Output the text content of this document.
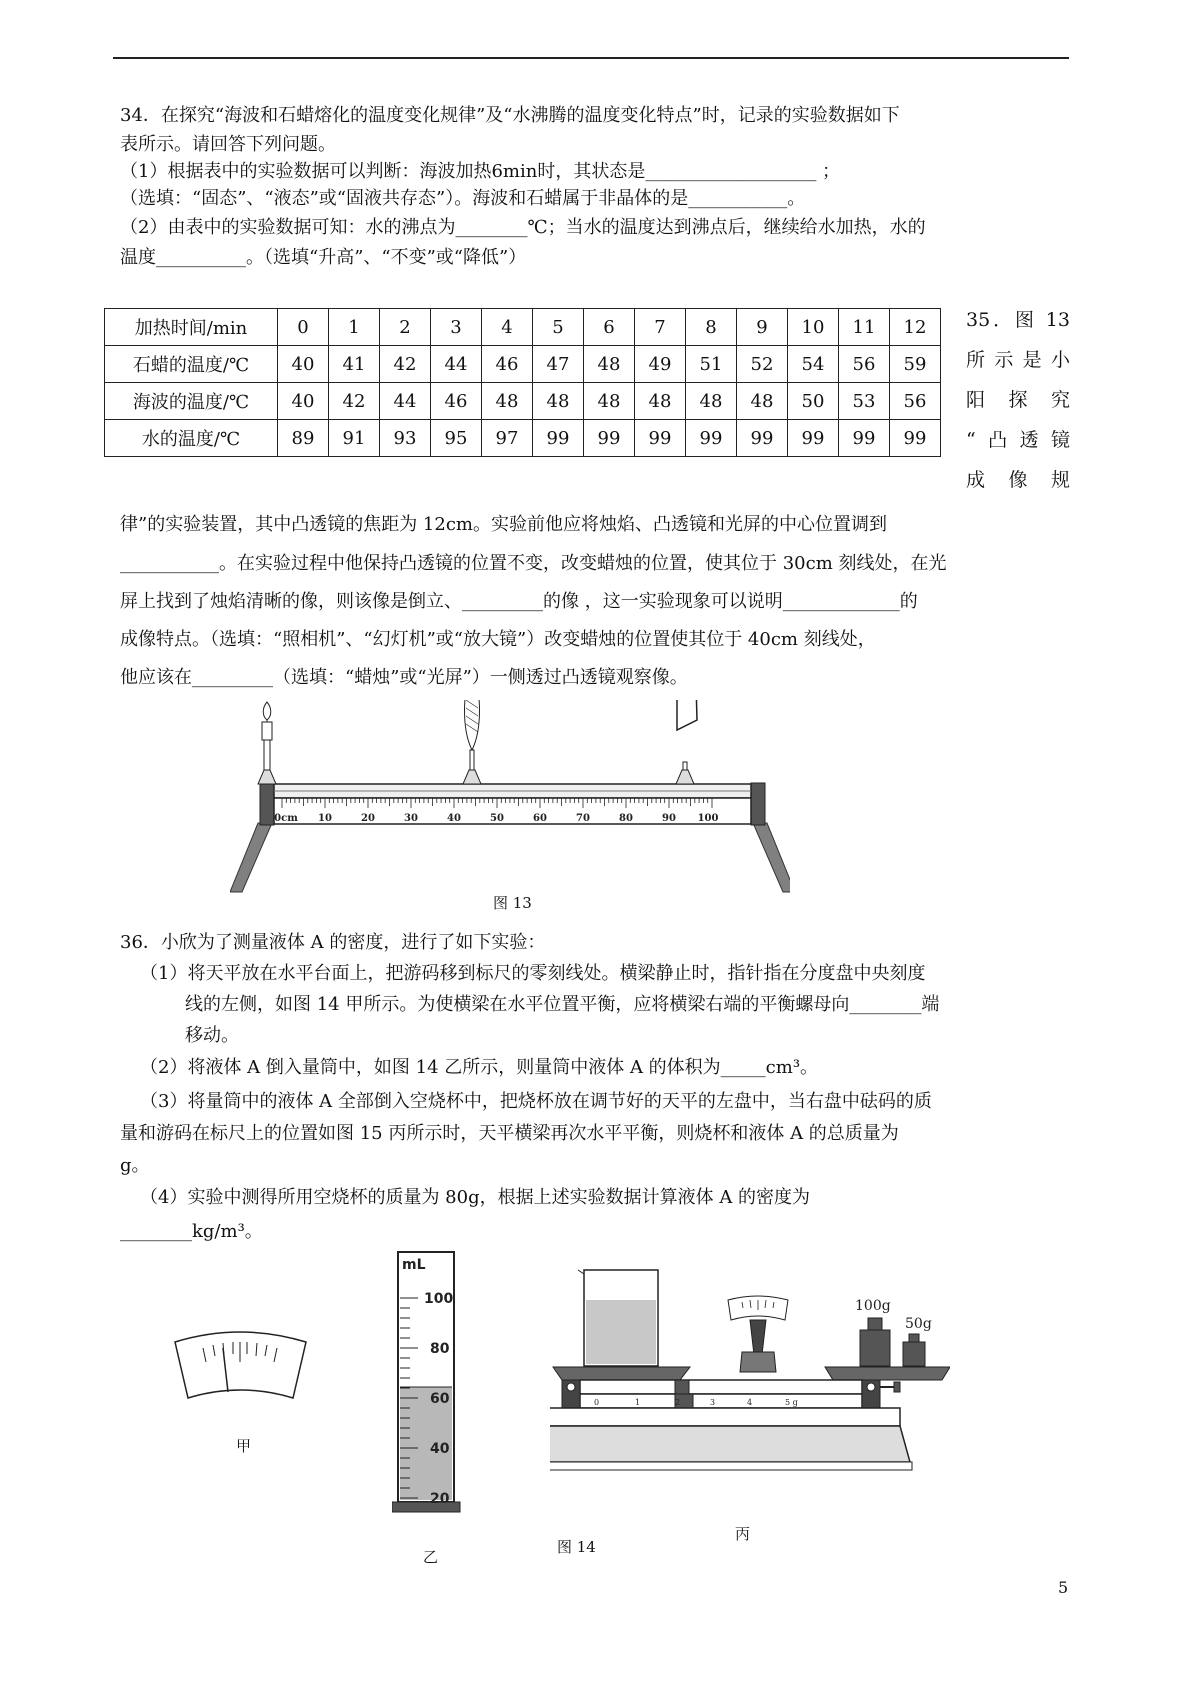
34．在探究“海波和石蜡熔化的温度变化规律”及“水沸腾的温度变化特点”时，记录的实验数据如下
表所示。请回答下列问题。
（1）根据表中的实验数据可以判断：海波加热6min时，其状态是___________________ ；
（选填：“固态”、“液态”或“固液共存态”）。海波和石蜡属于非晶体的是___________。
（2）由表中的实验数据可知：水的沸点为________℃；当水的温度达到沸点后，继续给水加热，水的
温度__________。（选填“升高”、“不变”或“降低”）
加热时间/min	0	1	2	3	4	5	6	7	8	9	10	11	12
石蜡的温度/℃	40	41	42	44	46	47	48	49	51	52	54	56	59
海波的温度/℃	40	42	44	46	48	48	48	48	48	48	50	53	56
水的温度/℃	89	91	93	95	97	99	99	99	99	99	99	99	99
35．图 13
所示是小
阳 探 究
“凸透镜
成 像 规
律”的实验装置，其中凸透镜的焦距为 12cm。实验前他应将烛焰、凸透镜和光屏的中心位置调到
___________。在实验过程中他保持凸透镜的位置不变，改变蜡烛的位置，使其位于 30cm 刻线处，在光
屏上找到了烛焰清晰的像，则该像是倒立、_________的像 ，这一实验现象可以说明_____________的
成像特点。（选填：“照相机”、“幻灯机”或“放大镜”）改变蜡烛的位置使其位于 40cm 刻线处，
他应该在_________（选填：“蜡烛”或“光屏”）一侧透过凸透镜观察像。
0cm 10	20	30	40	50	60	70	80	90 100
图 13
36．小欣为了测量液体 A 的密度，进行了如下实验：
（1）将天平放在水平台面上，把游码移到标尺的零刻线处。横梁静止时，指针指在分度盘中央刻度
线的左侧，如图 14 甲所示。为使横梁在水平位置平衡，应将横梁右端的平衡螺母向________端
移动。
（2）将液体 A 倒入量筒中，如图 14 乙所示，则量筒中液体 A 的体积为_____cm³。
（3）将量筒中的液体 A 全部倒入空烧杯中，把烧杯放在调节好的天平的左盘中，当右盘中砝码的质
量和游码在标尺上的位置如图 15 丙所示时，天平横梁再次水平平衡，则烧杯和液体 A 的总质量为
g。
（4）实验中测得所用空烧杯的质量为 80g，根据上述实验数据计算液体 A 的密度为
________kg/m³。
甲
mL
100
80
60
40
20
乙
图 14
100g
50g
0	1	2	3	4	5 g
丙
5
